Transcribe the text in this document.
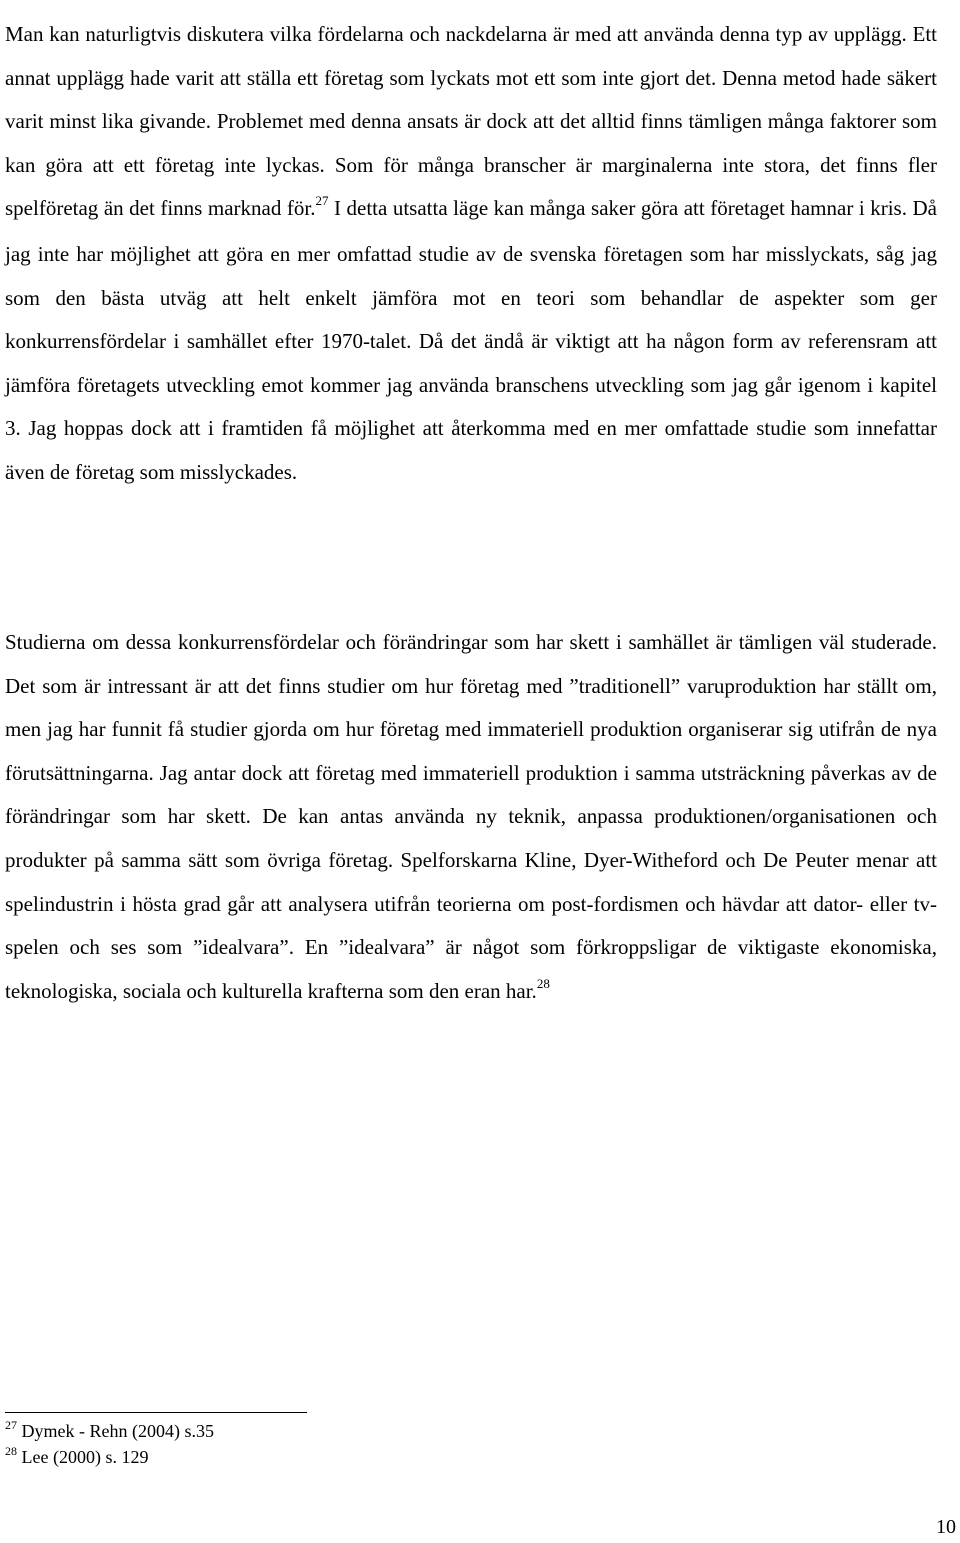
Man kan naturligtvis diskutera vilka fördelarna och nackdelarna är med att använda denna typ av upplägg. Ett annat upplägg hade varit att ställa ett företag som lyckats mot ett som inte gjort det. Denna metod hade säkert varit minst lika givande. Problemet med denna ansats är dock att det alltid finns tämligen många faktorer som kan göra att ett företag inte lyckas. Som för många branscher är marginalerna inte stora, det finns fler spelföretag än det finns marknad för.$^{27}$ I detta utsatta läge kan många saker göra att företaget hamnar i kris. Då jag inte har möjlighet att göra en mer omfattad studie av de svenska företagen som har misslyckats, såg jag som den bästa utväg att helt enkelt jämföra mot en teori som behandlar de aspekter som ger konkurrensfördelar i samhället efter 1970-talet. Då det ändå är viktigt att ha någon form av referensram att jämföra företagets utveckling emot kommer jag använda branschens utveckling som jag går igenom i kapitel 3. Jag hoppas dock att i framtiden få möjlighet att återkomma med en mer omfattade studie som innefattar även de företag som misslyckades.

Studierna om dessa konkurrensfördelar och förändringar som har skett i samhället är tämligen väl studerade. Det som är intressant är att det finns studier om hur företag med ”traditionell” varuproduktion har ställt om, men jag har funnit få studier gjorda om hur företag med immateriell produktion organiserar sig utifrån de nya förutsättningarna. Jag antar dock att företag med immateriell produktion i samma utsträckning påverkas av de förändringar som har skett. De kan antas använda ny teknik, anpassa produktionen/organisationen och produkter på samma sätt som övriga företag. Spelforskarna Kline, Dyer-Witheford och De Peuter menar att spelindustrin i hösta grad går att analysera utifrån teorierna om post-fordismen och hävdar att dator- eller tv-spelen och ses som ”idealvara”. En ”idealvara” är något som förkroppsligar de viktigaste ekonomiska, teknologiska, sociala och kulturella krafterna som den eran har.$^{28}$

$^{27}$ Dymek - Rehn (2004) s.35
$^{28}$ Lee (2000) s. 129
10
